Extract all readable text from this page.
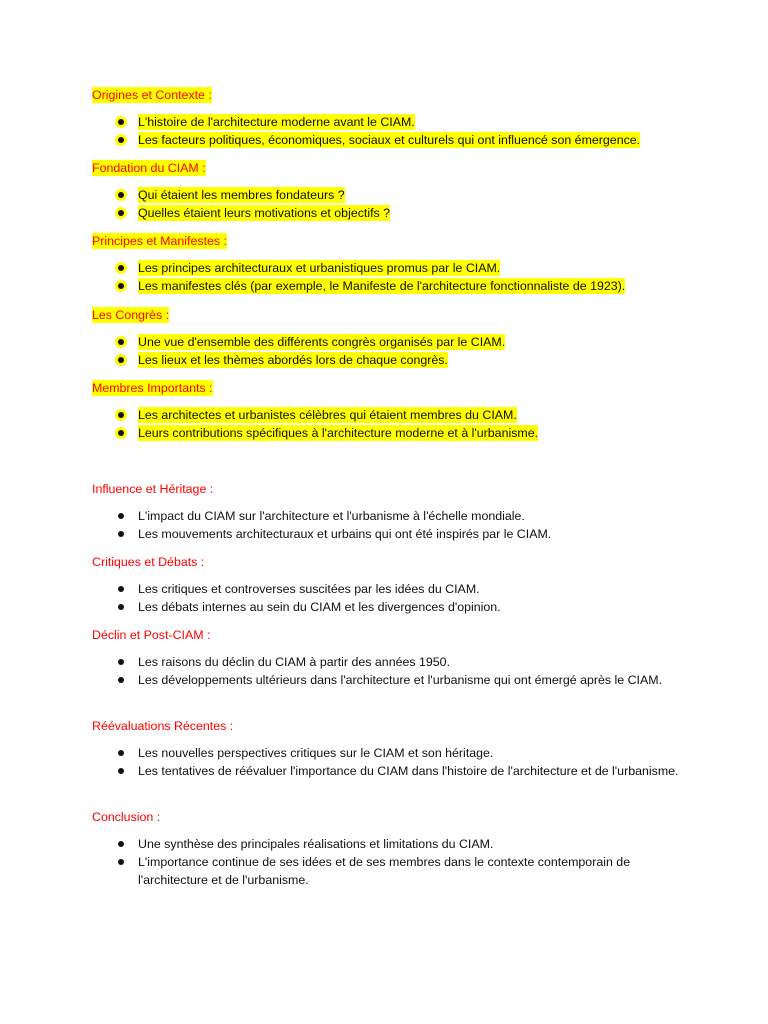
Origines et Contexte :
L'histoire de l'architecture moderne avant le CIAM.
Les facteurs politiques, économiques, sociaux et culturels qui ont influencé son émergence.
Fondation du CIAM :
Qui étaient les membres fondateurs ?
Quelles étaient leurs motivations et objectifs ?
Principes et Manifestes :
Les principes architecturaux et urbanistiques promus par le CIAM.
Les manifestes clés (par exemple, le Manifeste de l'architecture fonctionnaliste de 1923).
Les Congrès :
Une vue d'ensemble des différents congrès organisés par le CIAM.
Les lieux et les thèmes abordés lors de chaque congrès.
Membres Importants :
Les architectes et urbanistes célèbres qui étaient membres du CIAM.
Leurs contributions spécifiques à l'architecture moderne et à l'urbanisme.
Influence et Héritage :
L'impact du CIAM sur l'architecture et l'urbanisme à l'échelle mondiale.
Les mouvements architecturaux et urbains qui ont été inspirés par le CIAM.
Critiques et Débats :
Les critiques et controverses suscitées par les idées du CIAM.
Les débats internes au sein du CIAM et les divergences d'opinion.
Déclin et Post-CIAM :
Les raisons du déclin du CIAM à partir des années 1950.
Les développements ultérieurs dans l'architecture et l'urbanisme qui ont émergé après le CIAM.
Réévaluations Récentes :
Les nouvelles perspectives critiques sur le CIAM et son héritage.
Les tentatives de réévaluer l'importance du CIAM dans l'histoire de l'architecture et de l'urbanisme.
Conclusion :
Une synthèse des principales réalisations et limitations du CIAM.
L'importance continue de ses idées et de ses membres dans le contexte contemporain de l'architecture et de l'urbanisme.
